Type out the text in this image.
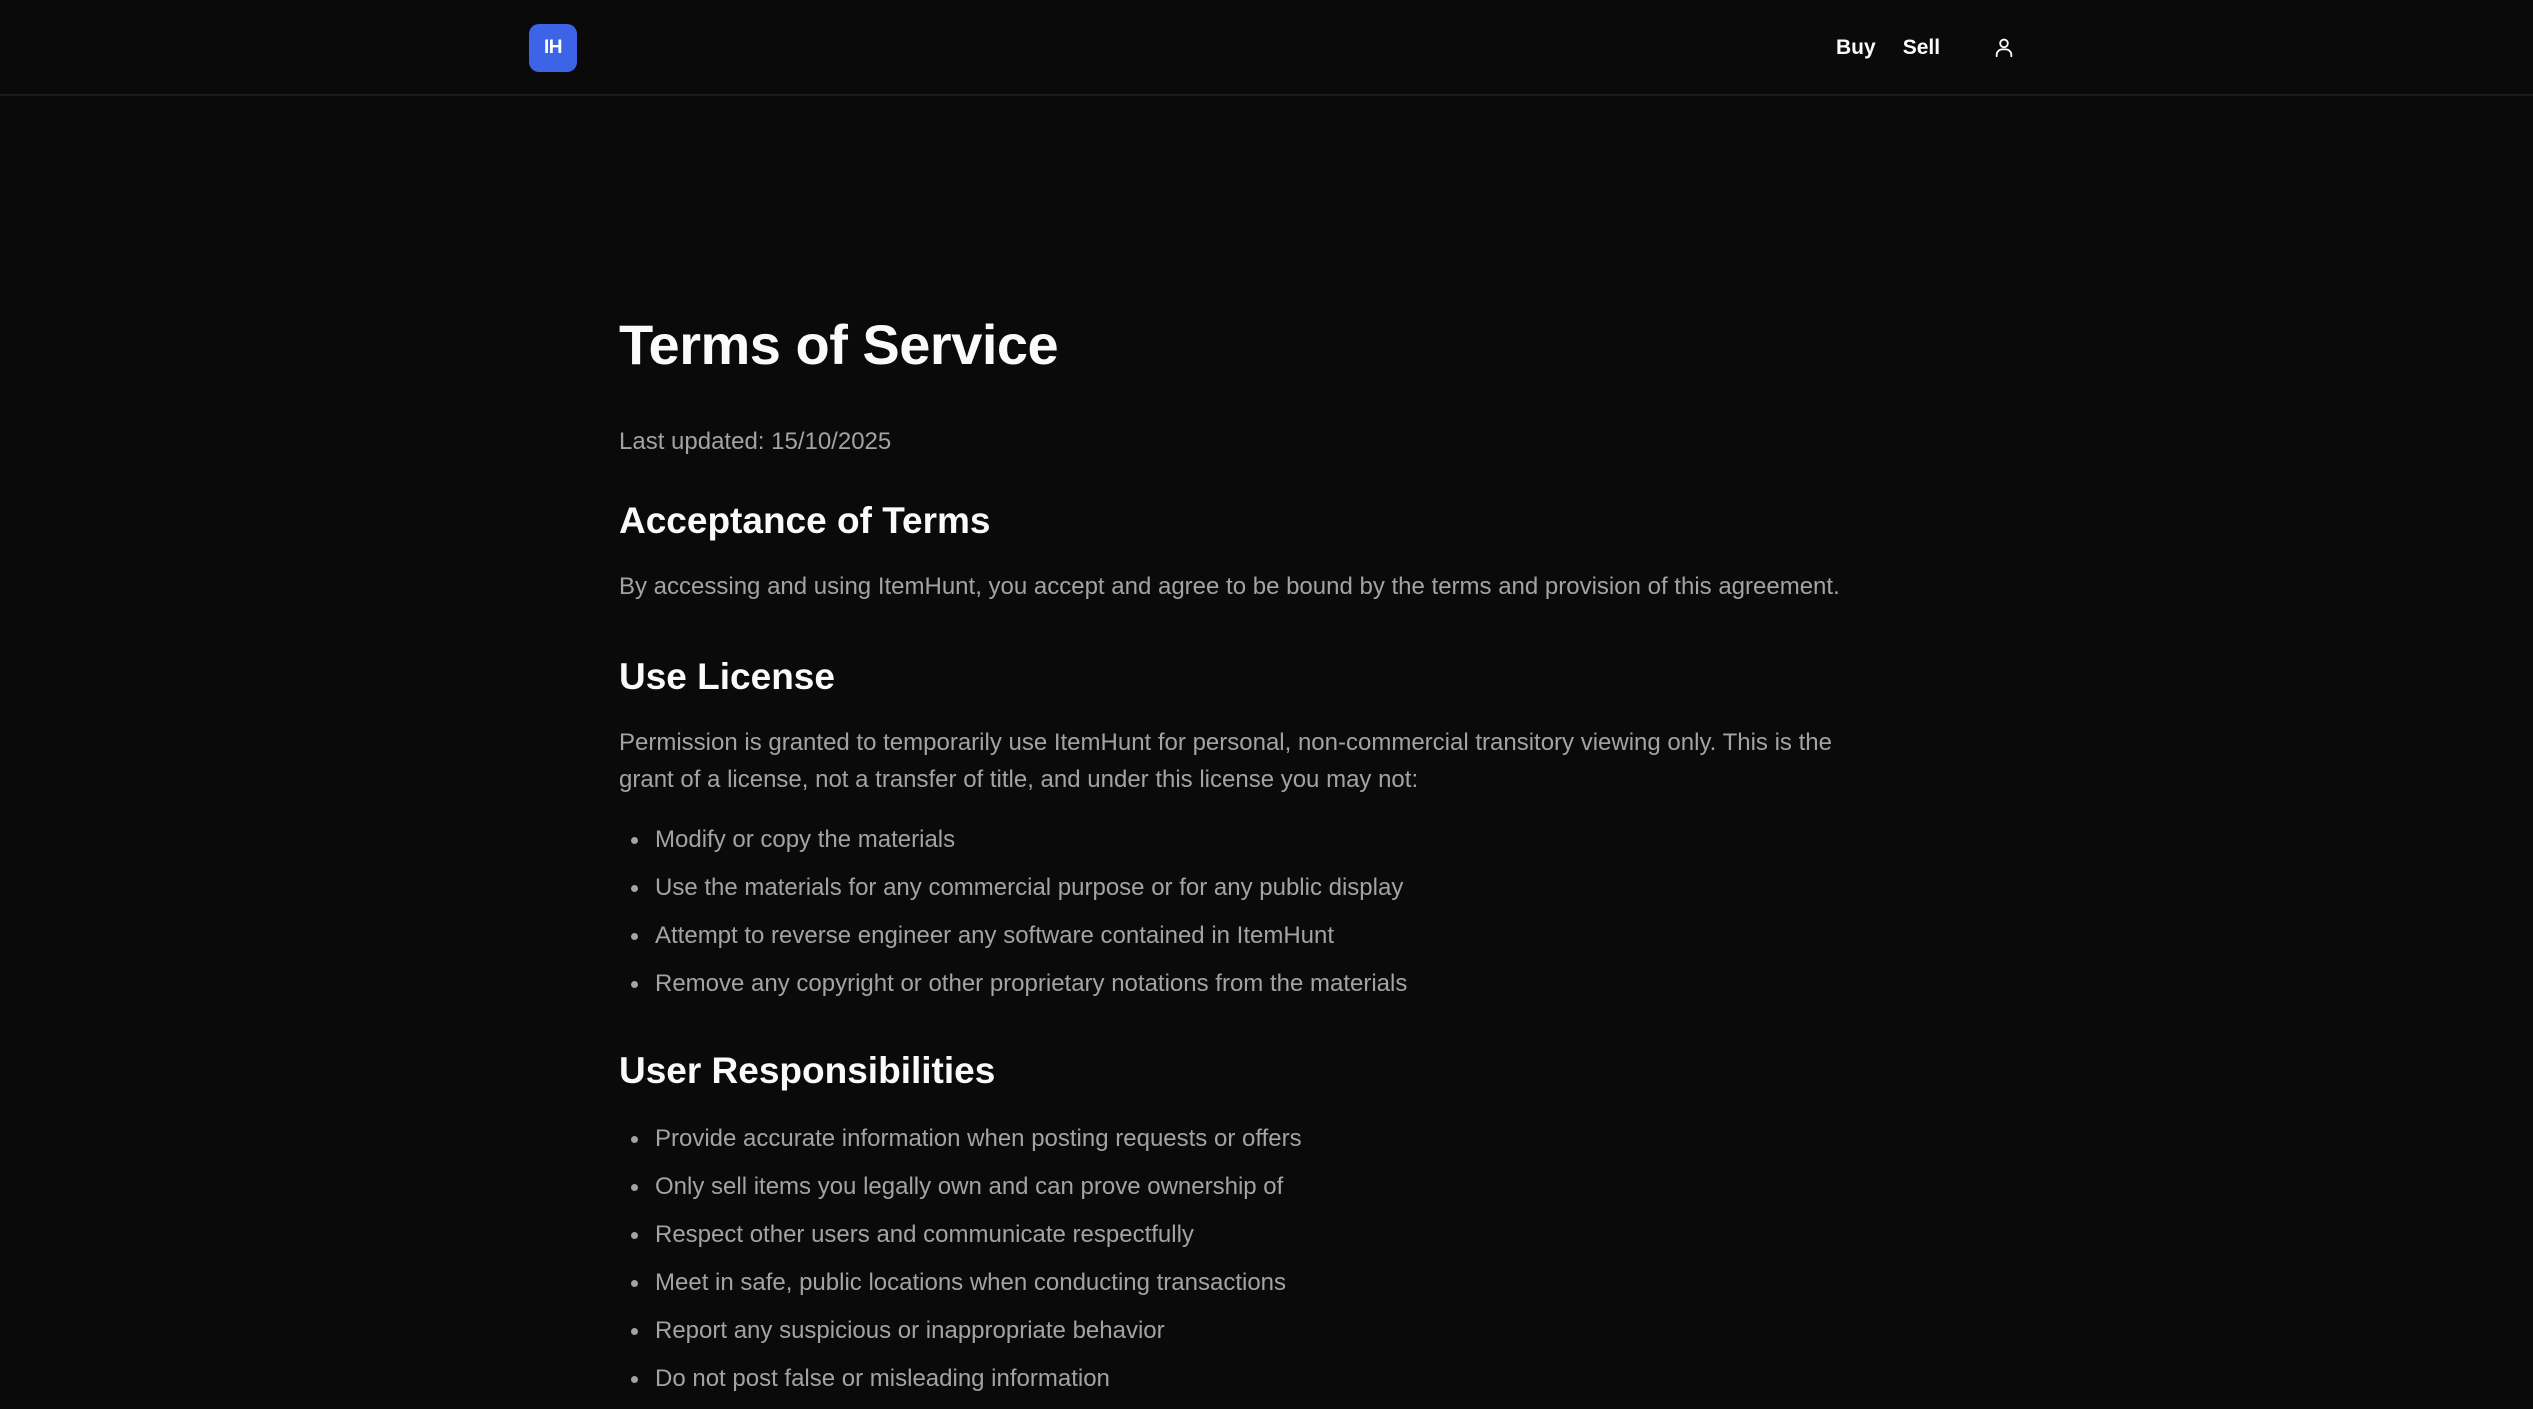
IH	Buy Sell
Terms of Service

Last updated: 15/10/2025

Acceptance of Terms

By accessing and using ItemHunt, you accept and agree to be bound by the terms and provision of this agreement.

Use License

Permission is granted to temporarily use ItemHunt for personal, non-commercial transitory viewing only. This is the grant of a license, not a transfer of title, and under this license you may not:

Modify or copy the materials
Use the materials for any commercial purpose or for any public display
Attempt to reverse engineer any software contained in ItemHunt
Remove any copyright or other proprietary notations from the materials
User Responsibilities
Provide accurate information when posting requests or offers
Only sell items you legally own and can prove ownership of
Respect other users and communicate respectfully
Meet in safe, public locations when conducting transactions
Report any suspicious or inappropriate behavior
Do not post false or misleading information
